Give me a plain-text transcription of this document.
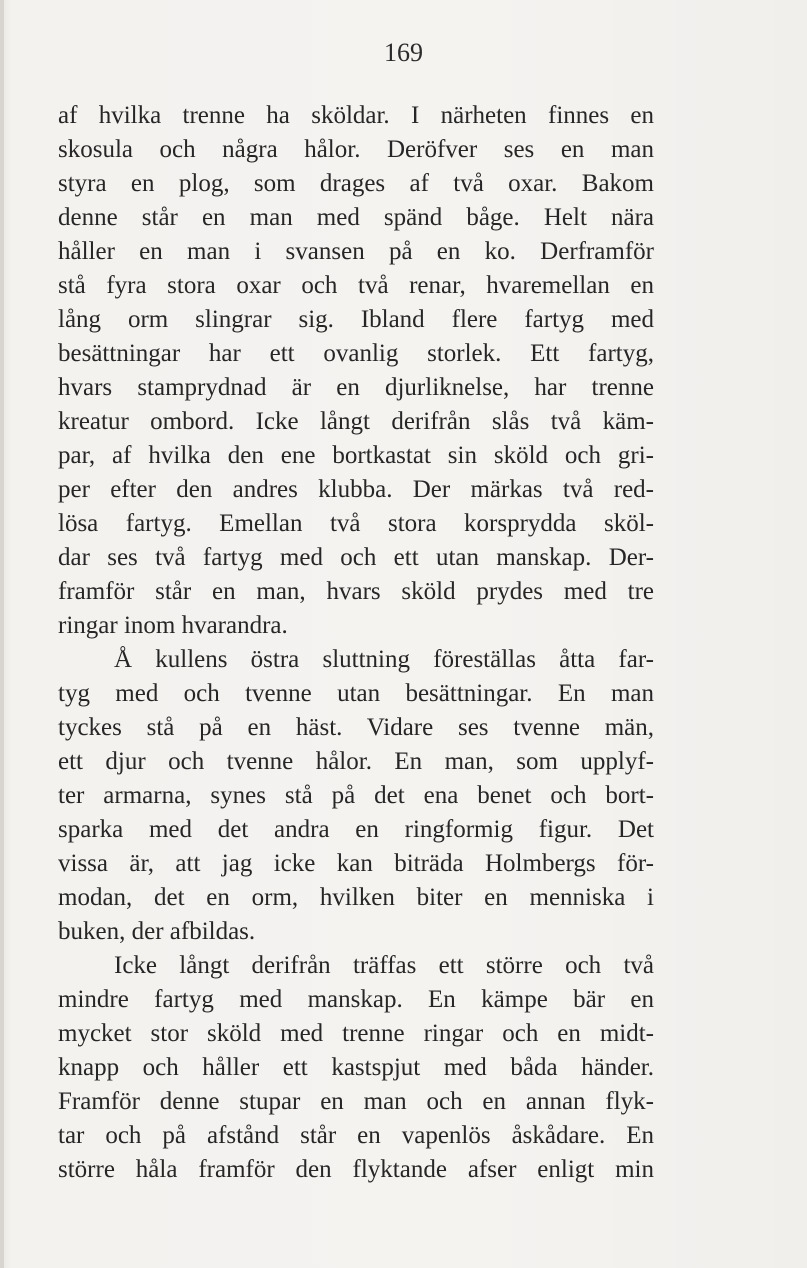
169
af hvilka trenne ha sköldar. I närheten finnes en
skosula och några hålor. Deröfver ses en man
styra en plog, som drages af två oxar. Bakom
denne står en man med spänd båge. Helt nära
håller en man i svansen på en ko. Derframför
stå fyra stora oxar och två renar, hvaremellan en
lång orm slingrar sig. Ibland flere fartyg med
besättningar har ett ovanlig storlek. Ett fartyg,
hvars stamprydnad är en djurliknelse, har trenne
kreatur ombord. Icke långt derifrån slås två käm-
par, af hvilka den ene bortkastat sin sköld och gri-
per efter den andres klubba. Der märkas två red-
lösa fartyg. Emellan två stora korsprydda sköl-
dar ses två fartyg med och ett utan manskap. Der-
framför står en man, hvars sköld prydes med tre
ringar inom hvarandra.
Å kullens östra sluttning föreställas åtta far-
tyg med och tvenne utan besättningar. En man
tyckes stå på en häst. Vidare ses tvenne män,
ett djur och tvenne hålor. En man, som upplyf-
ter armarna, synes stå på det ena benet och bort-
sparka med det andra en ringformig figur. Det
vissa är, att jag icke kan biträda Holmbergs för-
modan, det en orm, hvilken biter en menniska i
buken, der afbildas.
Icke långt derifrån träffas ett större och två
mindre fartyg med manskap. En kämpe bär en
mycket stor sköld med trenne ringar och en midt-
knapp och håller ett kastspjut med båda händer.
Framför denne stupar en man och en annan flyk-
tar och på afstånd står en vapenlös åskådare. En
större håla framför den flyktande afser enligt min
